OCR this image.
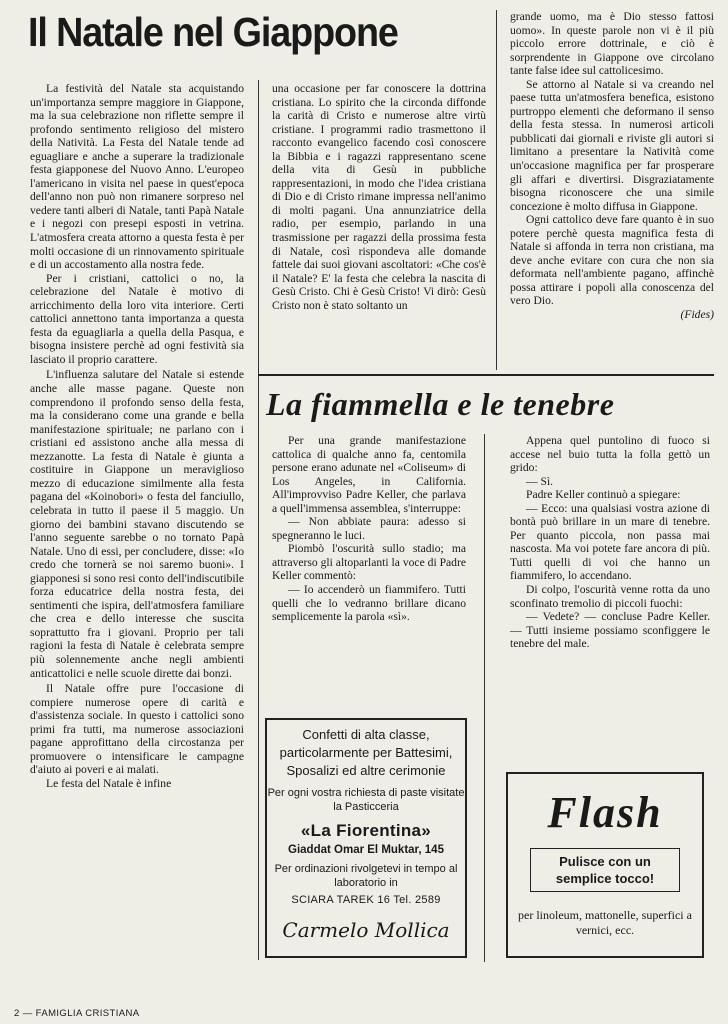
Il Natale nel Giappone

La festività del Natale sta acquistando un'importanza sempre maggiore in Giappone, ma la sua celebrazione non riflette sempre il profondo sentimento religioso del mistero della Natività. La Festa del Natale tende ad eguagliare e anche a superare la tradizionale festa giapponese del Nuovo Anno. L'europeo l'americano in visita nel paese in quest'epoca dell'anno non può non rimanere sorpreso nel vedere tanti alberi di Natale, tanti Papà Natale e i negozi con presepi esposti in vetrina. L'atmosfera creata attorno a questa festa è per molti occasione di un rinnovamento spirituale e di un accostamento alla nostra fede.

Per i cristiani, cattolici o no, la celebrazione del Natale è motivo di arricchimento della loro vita interiore. Certi cattolici annettono tanta importanza a questa festa da eguagliarla a quella della Pasqua, e bisogna insistere perchè ad ogni festività sia lasciato il proprio carattere.

L'influenza salutare del Natale si estende anche alle masse pagane. Queste non comprendono il profondo senso della festa, ma la considerano come una grande e bella manifestazione spirituale; ne parlano con i cristiani ed assistono anche alla messa di mezzanotte. La festa di Natale è giunta a costituire in Giappone un meraviglioso mezzo di educazione similmente alla festa pagana del «Koinobori» o festa del fanciullo, celebrata in tutto il paese il 5 maggio. Un giorno dei bambini stavano discutendo se l'anno seguente sarebbe o no tornato Papà Natale. Uno di essi, per concludere, disse: «Io credo che tornerà se noi saremo buoni». I giapponesi si sono resi conto dell'indiscutibile forza educatrice della nostra festa, dei sentimenti che ispira, dell'atmosfera familiare che crea e dello interesse che suscita soprattutto fra i giovani. Proprio per tali ragioni la festa di Natale è celebrata sempre più solennemente anche negli ambienti anticattolici e nelle scuole dirette dai bonzi.

Il Natale offre pure l'occasione di compiere numerose opere di carità e d'assistenza sociale. In questo i cattolici sono primi fra tutti, ma numerose associazioni pagane approfittano della circostanza per promuovere o intensificare le campagne d'aiuto ai poveri e ai malati.

Le festa del Natale è infine

una occasione per far conoscere la dottrina cristiana. Lo spirito che la circonda diffonde la carità di Cristo e numerose altre virtù cristiane. I programmi radio trasmettono il racconto evangelico facendo così conoscere la Bibbia e i ragazzi rappresentano scene della vita di Gesù in pubbliche rappresentazioni, in modo che l'idea cristiana di Dio e di Cristo rimane impressa nell'animo di molti pagani. Una annunziatrice della radio, per esempio, parlando in una trasmissione per ragazzi della prossima festa di Natale, così rispondeva alle domande fattele dai suoi giovani ascoltatori: «Che cos'è il Natale? E' la festa che celebra la nascita di Gesù Cristo. Chi è Gesù Cristo! Vi dirò: Gesù Cristo non è stato soltanto un

grande uomo, ma è Dio stesso fattosi uomo». In queste parole non vi è il più piccolo errore dottrinale, e ciò è sorprendente in Giappone ove circolano tante false idee sul cattolicesimo.

Se attorno al Natale si va creando nel paese tutta un'atmosfera benefica, esistono purtroppo elementi che deformano il senso della festa stessa. In numerosi articoli pubblicati dai giornali e riviste gli autori si limitano a presentare la Natività come un'occasione magnifica per far prosperare gli affari e divertirsi. Disgraziatamente bisogna riconoscere che una simile concezione è molto diffusa in Giappone.

Ogni cattolico deve fare quanto è in suo potere perchè questa magnifica festa di Natale si affonda in terra non cristiana, ma deve anche evitare con cura che non sia deformata nell'ambiente pagano, affinchè possa attirare i popoli alla conoscenza del vero Dio.

(Fides)
La fiammella e le tenebre

Per una grande manifestazione cattolica di qualche anno fa, centomila persone erano adunate nel «Coliseum» di Los Angeles, in California. All'improvviso Padre Keller, che parlava a quell'immensa assemblea, s'interruppe:

— Non abbiate paura: adesso si spegneranno le luci.

Piombò l'oscurità sullo stadio; ma attraverso gli altoparlanti la voce di Padre Keller commentò:

— Io accenderò un fiammifero. Tutti quelli che lo vedranno brillare dicano semplicemente la parola «sì».

Appena quel puntolino di fuoco si accese nel buio tutta la folla gettò un grido:

— Sì.

Padre Keller continuò a spiegare:

— Ecco: una qualsiasi vostra azione di bontà può brillare in un mare di tenebre. Per quanto piccola, non passa mai nascosta. Ma voi potete fare ancora di più. Tutti quelli di voi che hanno un fiammifero, lo accendano.

Di colpo, l'oscurità venne rotta da uno sconfinato tremolio di piccoli fuochi:

— Vedete? — concluse Padre Keller. — Tutti insieme possiamo sconfiggere le tenebre del male.

Confetti di alta classe, particolarmente per Battesimi, Sposalizi ed altre cerimonie
Per ogni vostra richiesta di paste visitate la Pasticceria
«La Fiorentina»
Giaddat Omar El Muktar, 145
Per ordinazioni rivolgetevi in tempo al laboratorio in
SCIARA TAREK 16 Tel. 2589
Carmelo Mollica
Flash
Pulisce con un semplice tocco!
per linoleum, mattonelle, superfici a vernici, ecc.
2 — FAMIGLIA CRISTIANA
